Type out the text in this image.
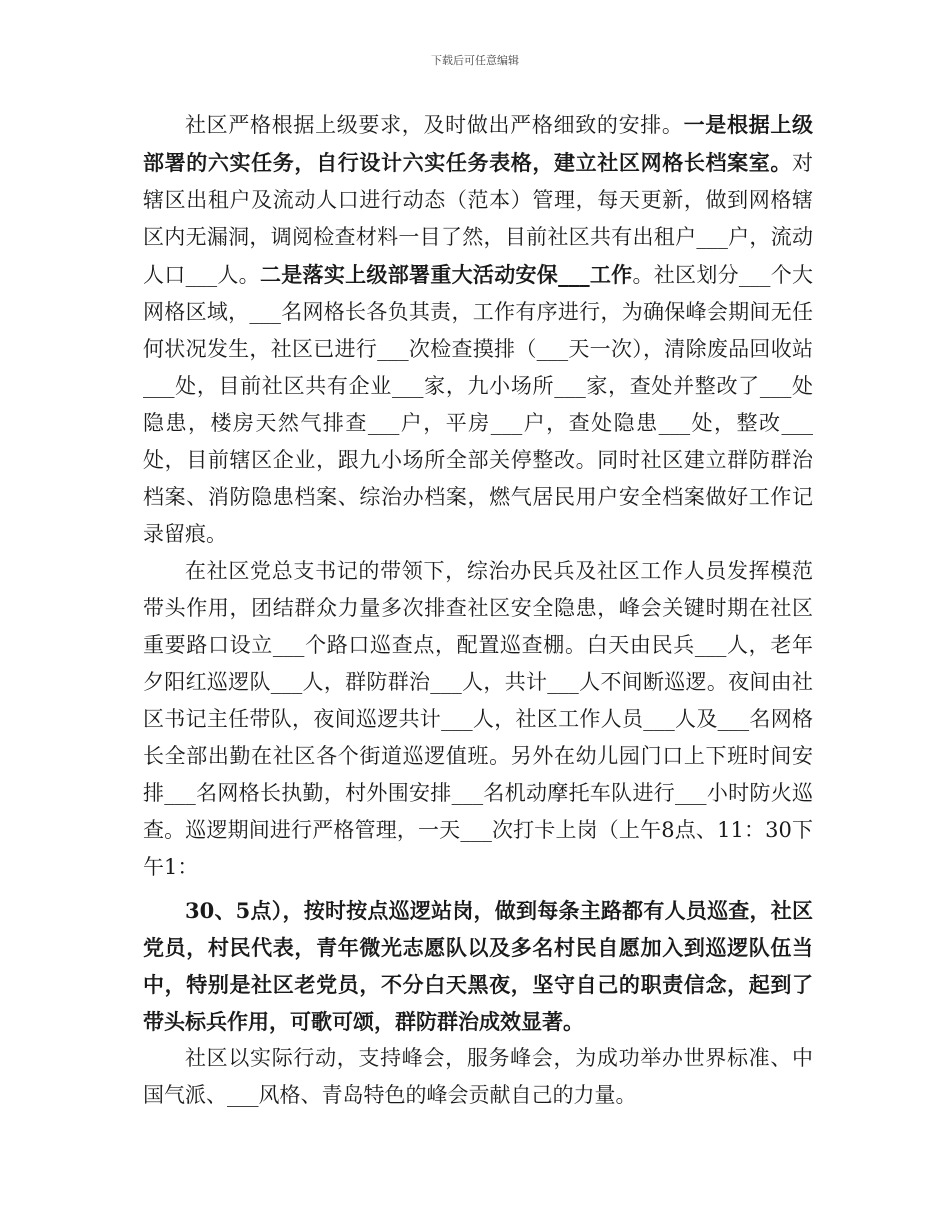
下载后可任意编辑

社区严格根据上级要求，及时做出严格细致的安排。一是根据上级部署的六实任务，自行设计六实任务表格，建立社区网格长档案室。对辖区出租户及流动人口进行动态（范本）管理，每天更新，做到网格辖区内无漏洞，调阅检查材料一目了然，目前社区共有出租户___户，流动人口___人。二是落实上级部署重大活动安保___工作。社区划分___个大网格区域，___名网格长各负其责，工作有序进行，为确保峰会期间无任何状况发生，社区已进行___次检查摸排（___天一次），清除废品回收站___处，目前社区共有企业___家，九小场所___家，查处并整改了___处隐患，楼房天然气排查___户，平房___户，查处隐患___处，整改___处，目前辖区企业，跟九小场所全部关停整改。同时社区建立群防群治档案、消防隐患档案、综治办档案，燃气居民用户安全档案做好工作记录留痕。

在社区党总支书记的带领下，综治办民兵及社区工作人员发挥模范带头作用，团结群众力量多次排查社区安全隐患，峰会关键时期在社区重要路口设立___个路口巡查点，配置巡查棚。白天由民兵___人，老年夕阳红巡逻队___人，群防群治___人，共计___人不间断巡逻。夜间由社区书记主任带队，夜间巡逻共计___人，社区工作人员___人及___名网格长全部出勤在社区各个街道巡逻值班。另外在幼儿园门口上下班时间安排___名网格长执勤，村外围安排___名机动摩托车队进行___小时防火巡查。巡逻期间进行严格管理，一天___次打卡上岗（上午8点、11：30下午1：

30、5点），按时按点巡逻站岗，做到每条主路都有人员巡查，社区党员，村民代表，青年微光志愿队以及多名村民自愿加入到巡逻队伍当中，特别是社区老党员，不分白天黑夜，坚守自己的职责信念，起到了带头标兵作用，可歌可颂，群防群治成效显著。

社区以实际行动，支持峰会，服务峰会，为成功举办世界标准、中国气派、___风格、青岛特色的峰会贡献自己的力量。
